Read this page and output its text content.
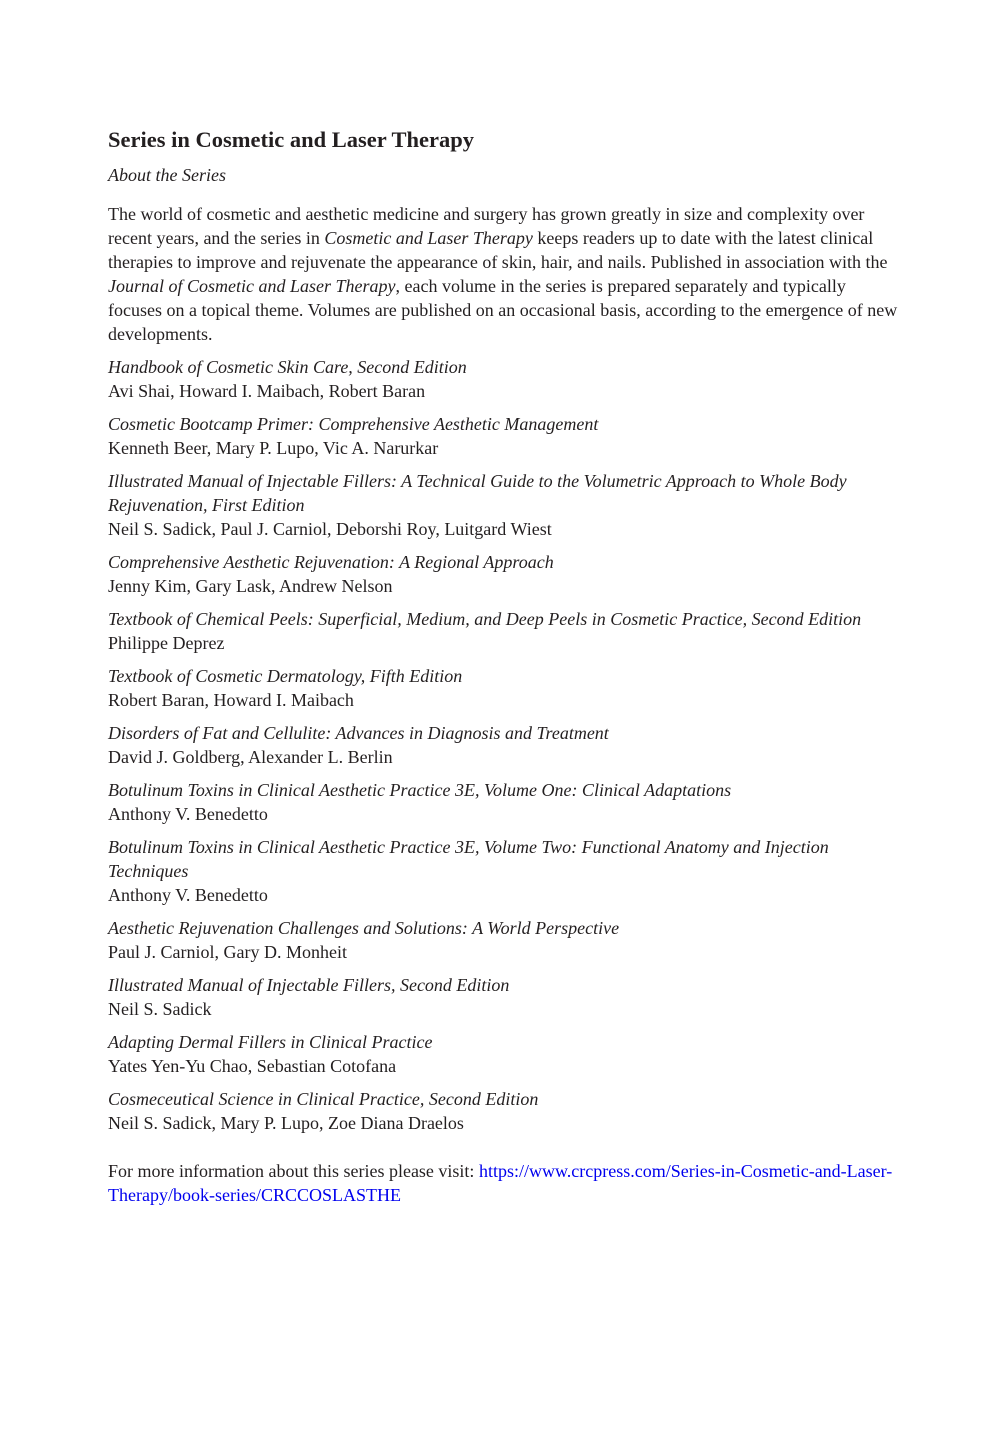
Series in Cosmetic and Laser Therapy
About the Series

The world of cosmetic and aesthetic medicine and surgery has grown greatly in size and complexity over recent years, and the series in Cosmetic and Laser Therapy keeps readers up to date with the latest clinical therapies to improve and rejuvenate the appearance of skin, hair, and nails. Published in association with the Journal of Cosmetic and Laser Therapy, each volume in the series is prepared separately and typically focuses on a topical theme. Volumes are published on an occasional basis, according to the emergence of new developments.

Handbook of Cosmetic Skin Care, Second Edition
Avi Shai, Howard I. Maibach, Robert Baran
Cosmetic Bootcamp Primer: Comprehensive Aesthetic Management
Kenneth Beer, Mary P. Lupo, Vic A. Narurkar
Illustrated Manual of Injectable Fillers: A Technical Guide to the Volumetric Approach to Whole Body Rejuvenation, First Edition
Neil S. Sadick, Paul J. Carniol, Deborshi Roy, Luitgard Wiest
Comprehensive Aesthetic Rejuvenation: A Regional Approach
Jenny Kim, Gary Lask, Andrew Nelson
Textbook of Chemical Peels: Superficial, Medium, and Deep Peels in Cosmetic Practice, Second Edition
Philippe Deprez
Textbook of Cosmetic Dermatology, Fifth Edition
Robert Baran, Howard I. Maibach
Disorders of Fat and Cellulite: Advances in Diagnosis and Treatment
David J. Goldberg, Alexander L. Berlin
Botulinum Toxins in Clinical Aesthetic Practice 3E, Volume One: Clinical Adaptations
Anthony V. Benedetto
Botulinum Toxins in Clinical Aesthetic Practice 3E, Volume Two: Functional Anatomy and Injection Techniques
Anthony V. Benedetto
Aesthetic Rejuvenation Challenges and Solutions: A World Perspective
Paul J. Carniol, Gary D. Monheit
Illustrated Manual of Injectable Fillers, Second Edition
Neil S. Sadick
Adapting Dermal Fillers in Clinical Practice
Yates Yen-Yu Chao, Sebastian Cotofana
Cosmeceutical Science in Clinical Practice, Second Edition
Neil S. Sadick, Mary P. Lupo, Zoe Diana Draelos

For more information about this series please visit: https://www.crcpress.com/Series-in-Cosmetic-and-Laser-Therapy/book-series/CRCCOSLASTHE
